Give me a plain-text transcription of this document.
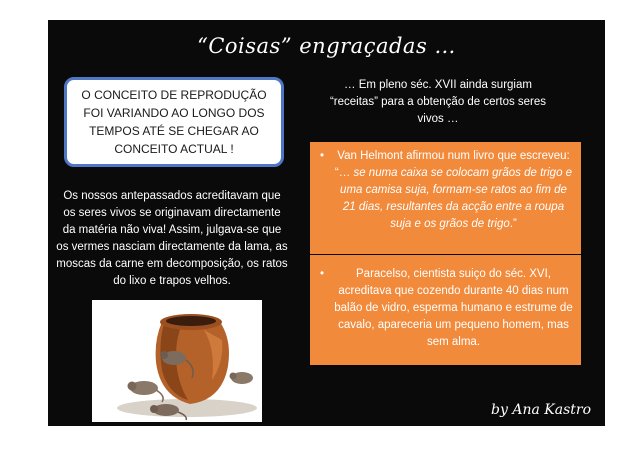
“Coisas” engraçadas …
O CONCEITO DE REPRODUÇÃO FOI VARIANDO AO LONGO DOS TEMPOS ATÉ SE CHEGAR AO CONCEITO ACTUAL !
Os nossos antepassados acreditavam que os seres vivos se originavam directamente da matéria não viva! Assim, julgava-se que os vermes nasciam directamente da lama, as moscas da carne em decomposição, os ratos do lixo e trapos velhos.
… Em pleno séc. XVII ainda surgiam “receitas” para a obtenção de certos seres vivos …
• Van Helmont afirmou num livro que escreveu: “… se numa caixa se colocam grãos de trigo e uma camisa suja, formam-se ratos ao fim de 21 dias, resultantes da acção entre a roupa suja e os grãos de trigo.”
•	Paracelso, cientista suiço do séc. XVI, acreditava que cozendo durante 40 dias num balão de vidro, esperma humano e estrume de cavalo, apareceria um pequeno homem, mas sem alma.
by Ana Kastro
